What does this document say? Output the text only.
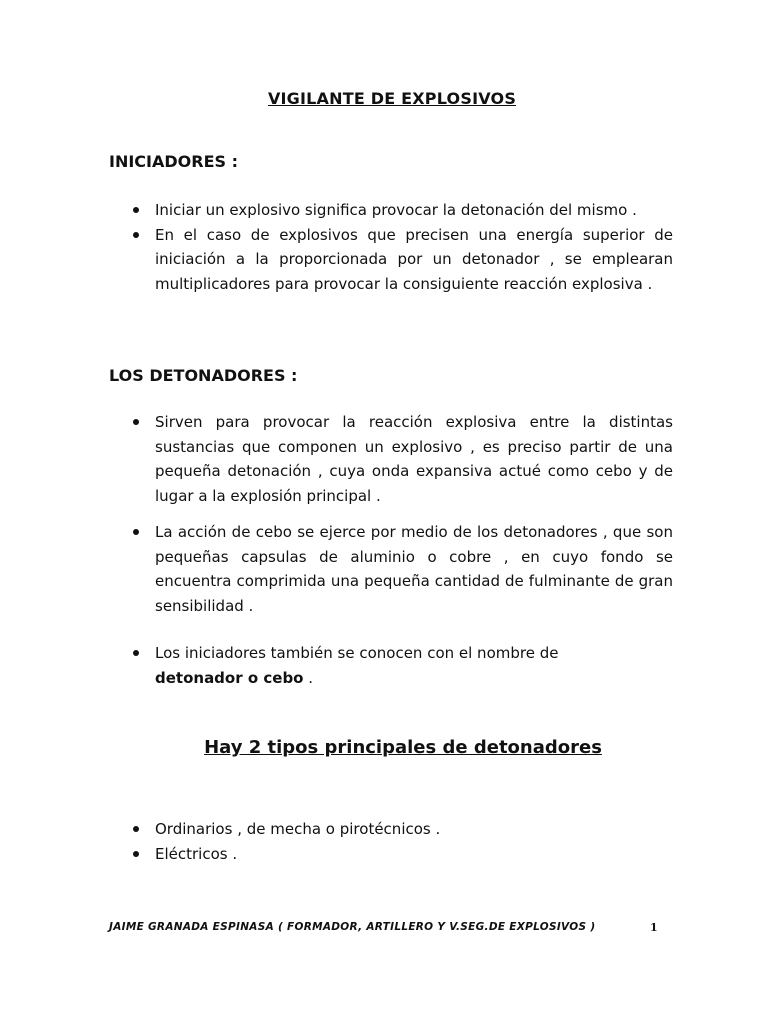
VIGILANTE DE EXPLOSIVOS
INICIADORES :
Iniciar un explosivo significa provocar la detonación del mismo .
En el caso de explosivos que precisen una energía superior de iniciación a la proporcionada por un detonador , se emplearan multiplicadores para provocar la consiguiente reacción explosiva .
LOS DETONADORES :
Sirven para provocar la reacción explosiva entre la distintas sustancias que componen un explosivo , es preciso partir de una pequeña detonación , cuya onda expansiva actué como cebo y de lugar a la explosión principal .
La acción de cebo se ejerce por medio de los detonadores , que son pequeñas capsulas de aluminio o cobre , en cuyo fondo se encuentra comprimida una pequeña cantidad de fulminante de gran sensibilidad .
Los iniciadores también se conocen con el nombre de
detonador o cebo .
Hay 2 tipos principales de detonadores
Ordinarios , de mecha o pirotécnicos .
Eléctricos .
JAIME GRANADA ESPINASA ( FORMADOR, ARTILLERO Y V.SEG.DE EXPLOSIVOS )	1
